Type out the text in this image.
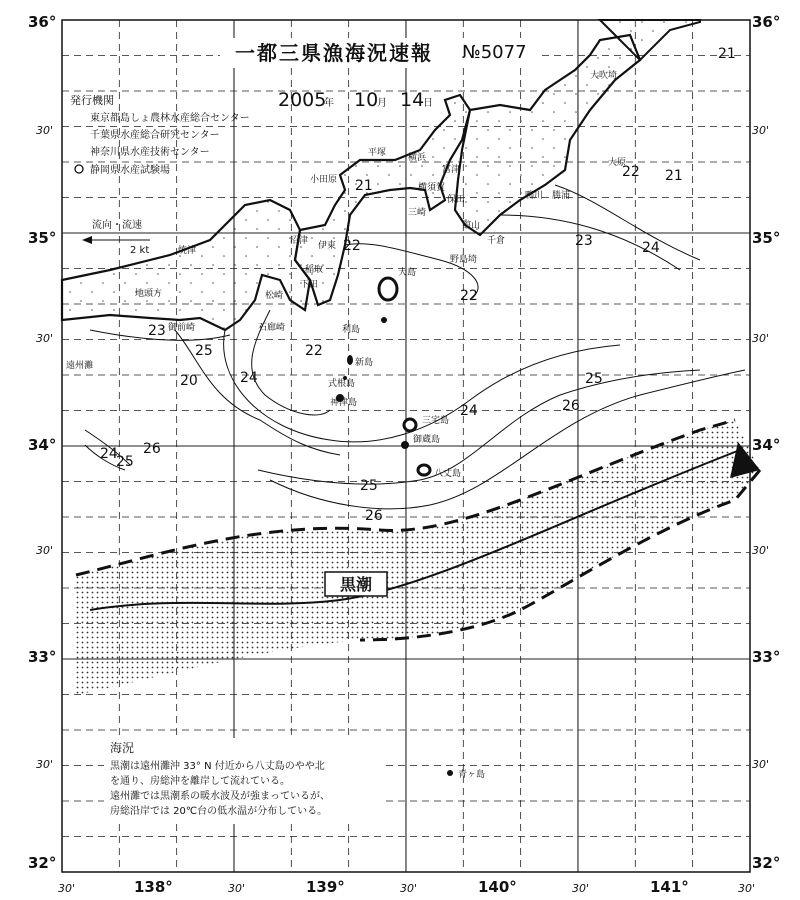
黒潮
20
21
21
21
22
22
22
22
23
23
24
24
24
24
25
25
25
25
26
26
26
大吹埼
大原
勝浦
鴨川
千倉
野島埼
館山
保田
富津
横浜
横須賀
三崎
平塚
小田原
伊東
稲取
下田
石廊崎
松崎
沼津
焼津
地頭方
御前崎
遠州灘
大島
利島
新島
式根島
神津島
三宅島
御蔵島
八丈島
青ヶ島
一都三県漁海況速報 №5077
2005
年 10
月 14
日
発行機関
東京都島しょ農林水産総合センター
千葉県水産総合研究センター
神奈川県水産技術センター
静岡県水産試験場
流向・流速
2 kt
海況
黒潮は遠州灘沖 33° N 付近から八丈島のやや北
を通り、房総沖を離岸して流れている。
遠州灘では黒潮系の暖水波及が強まっているが、
房総沿岸では 20℃台の低水温が分布している。
36°	36°
30'	30'
35°	35°
30'	30'
34°	34°
30'	30'
33°	33°
30'	30'
32°	32°
30'	138°	30'	139°	30'	140°	30'	141°	30'
